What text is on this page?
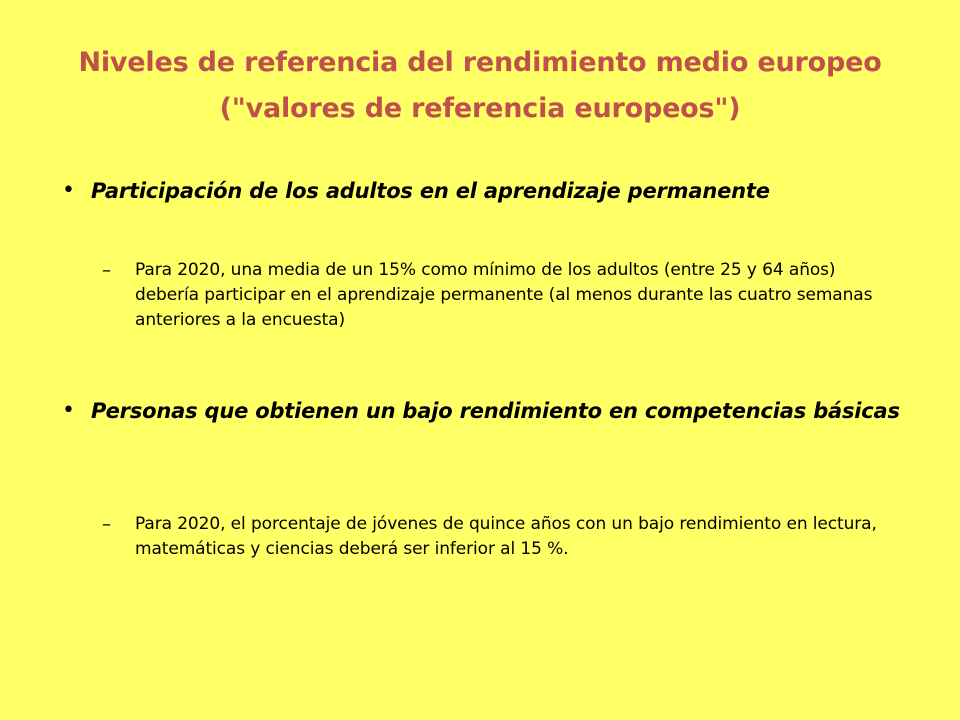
Niveles de referencia del rendimiento medio europeo
("valores de referencia europeos")
• Participación de los adultos en el aprendizaje permanente
– Para 2020, una media de un 15% como mínimo de los adultos (entre 25 y 64 años) debería participar en el aprendizaje permanente (al menos durante las cuatro semanas anteriores a la encuesta)
• Personas que obtienen un bajo rendimiento en competencias básicas
– Para 2020, el porcentaje de jóvenes de quince años con un bajo rendimiento en lectura, matemáticas y ciencias deberá ser inferior al 15 %.
